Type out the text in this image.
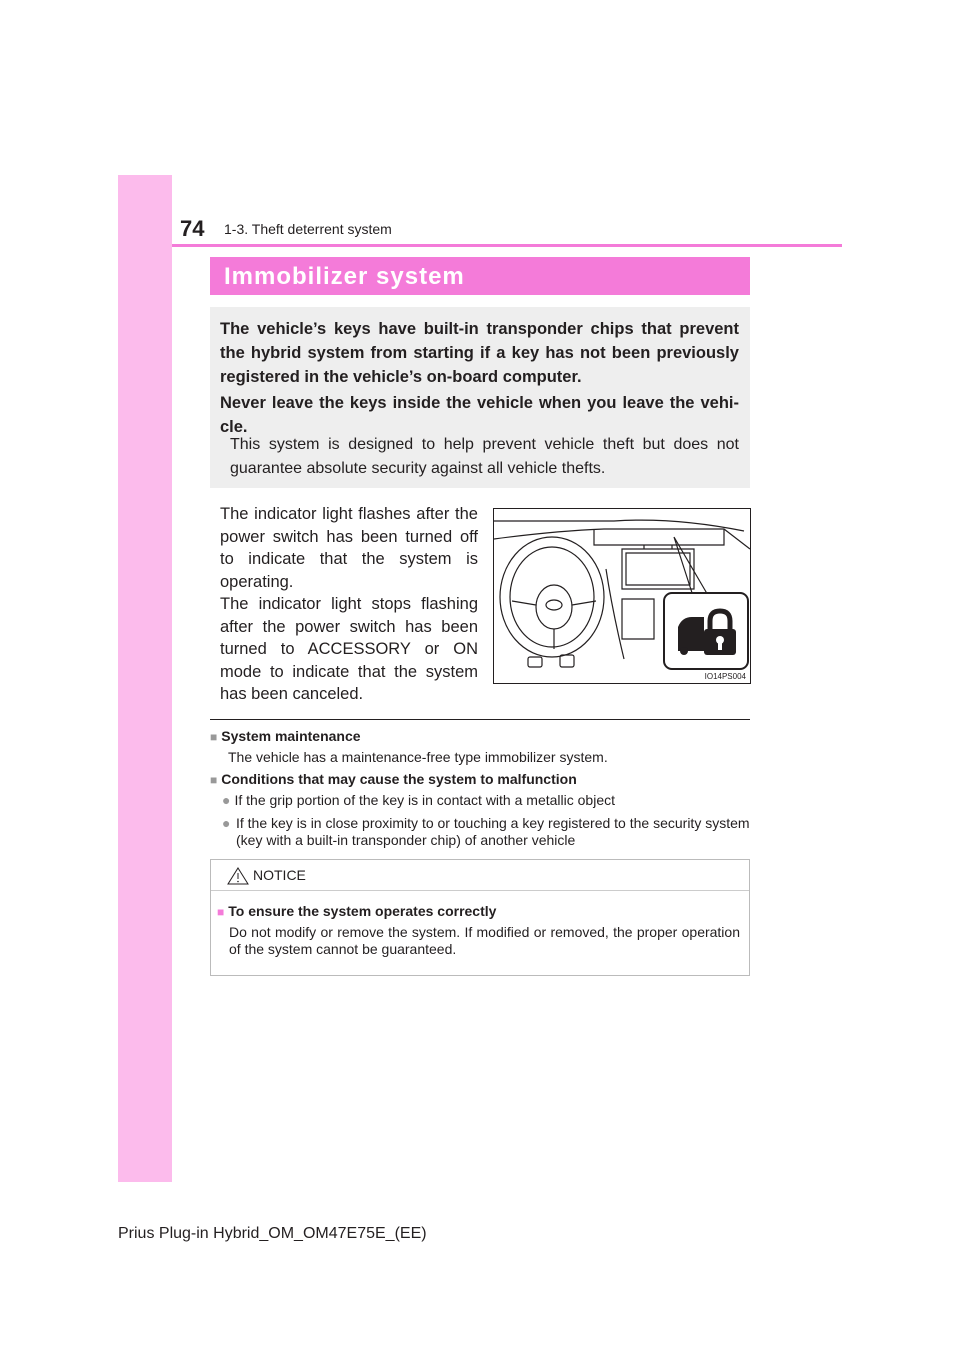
74 1-3. Theft deterrent system
Immobilizer system
The vehicle’s keys have built-in transponder chips that prevent the hybrid system from starting if a key has not been previously registered in the vehicle’s on-board computer.
Never leave the keys inside the vehicle when you leave the vehi-cle.
This system is designed to help prevent vehicle theft but does not guarantee absolute security against all vehicle thefts.
The indicator light flashes after the power switch has been turned off to indicate that the system is operating.
The indicator light stops flashing after the power switch has been turned to ACCESSORY or ON mode to indicate that the system has been canceled.
IO14PS004
■ System maintenance
The vehicle has a maintenance-free type immobilizer system.
■ Conditions that may cause the system to malfunction
● If the grip portion of the key is in contact with a metallic object
● If the key is in close proximity to or touching a key registered to the security system (key with a built-in transponder chip) of another vehicle
NOTICE
■ To ensure the system operates correctly
Do not modify or remove the system. If modified or removed, the proper operation of the system cannot be guaranteed.
Prius Plug-in Hybrid_OM_OM47E75E_(EE)
